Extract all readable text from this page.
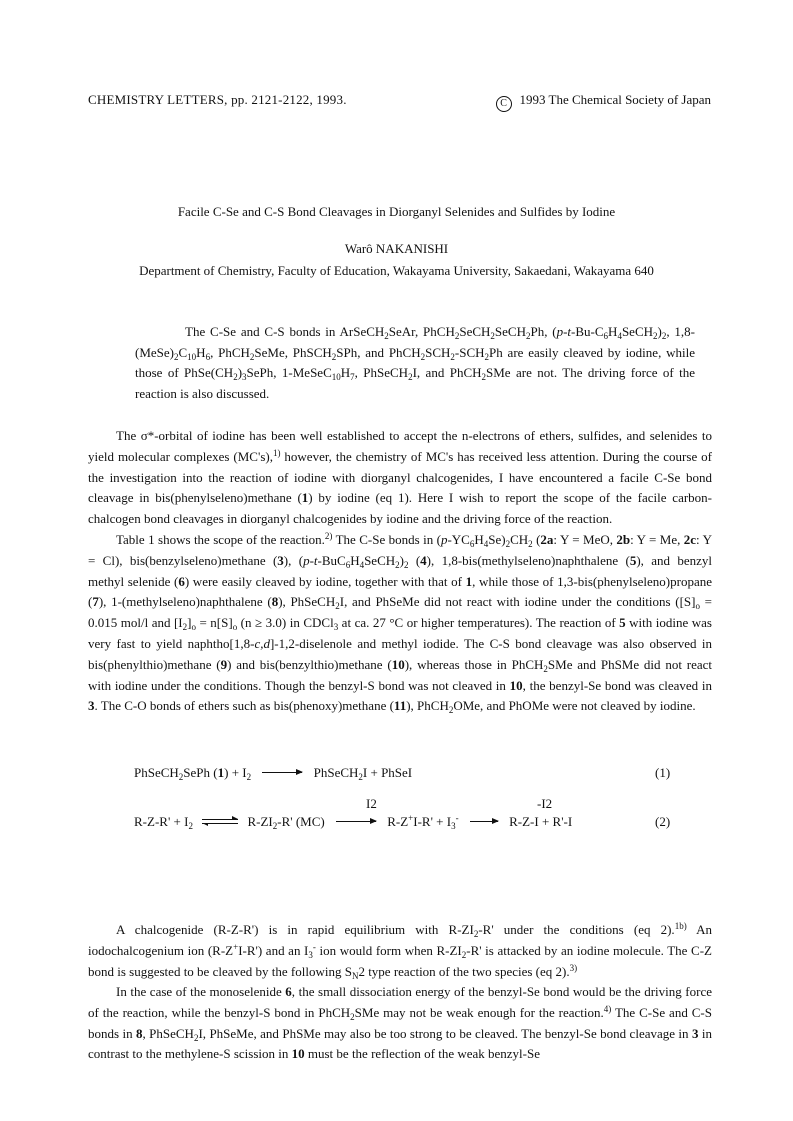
CHEMISTRY LETTERS, pp. 2121-2122, 1993.	C 1993 The Chemical Society of Japan
Facile C-Se and C-S Bond Cleavages in Diorganyl Selenides and Sulfides by Iodine
Warô NAKANISHI
Department of Chemistry, Faculty of Education, Wakayama University, Sakaedani, Wakayama 640
The C-Se and C-S bonds in ArSeCH$_2$SeAr, PhCH$_2$SeCH$_2$SeCH$_2$Ph, $(p-t-Bu-C_6H_4SeCH_2)_2$, $1,8-(MeSe)_2C_{10}H_6$, PhCH$_2$SeMe, PhSCH$_2$SPh, and $PhCH_2SCH_2-SCH_2Ph$ are easily cleaved by iodine, while those of $PhSe(CH_2)_3SePh$, $1-MeSeC_{10}H_7$, PhSeCH$_2$I, and PhCH$_2$SMe are not. The driving force of the reaction is also discussed.

The σ*-orbital of iodine has been well established to accept the n-electrons of ethers, sulfides, and selenides to yield molecular complexes (MC's),$^{1)}$ however, the chemistry of MC's has received less attention. During the course of the investigation into the reaction of iodine with diorganyl chalcogenides, I have encountered a facile C-Se bond cleavage in bis(phenylseleno)methane (1) by iodine (eq 1). Here I wish to report the scope of the facile carbon-chalcogen bond cleavages in diorganyl chalcogenides by iodine and the driving force of the reaction.

Table 1 shows the scope of the reaction.$^{2)}$ The C-Se bonds in $(p-YC_6H_4Se)_2CH_2$ (2a: Y = MeO, 2b: Y = Me, 2c: Y = Cl), bis(benzylseleno)methane (3), $(p-t-BuC_6H_4SeCH_2)_2$ (4), 1,8-bis(methylseleno)naphthalene (5), and benzyl methyl selenide (6) were easily cleaved by iodine, together with that of 1, while those of 1,3-bis(phenylseleno)propane (7), 1-(methylseleno)naphthalene (8), PhSeCH$_2$I, and PhSeMe did not react with iodine under the conditions ($[S]_o = 0.015$ mol/l and $[I_2]_o = n[S]_o$ (n ≥ 3.0) in CDCl$_3$ at ca. 27 °C or higher temperatures). The reaction of 5 with iodine was very fast to yield naphtho[1,8-c,d]-1,2-diselenole and methyl iodide. The C-S bond cleavage was also observed in bis(phenylthio)methane (9) and bis(benzylthio)methane (10), whereas those in PhCH$_2$SMe and PhSMe did not react with iodine under the conditions. Though the benzyl-S bond was not cleaved in 10, the benzyl-Se bond was cleaved in 3. The C-O bonds of ethers such as bis(phenoxy)methane (11), PhCH$_2$OMe, and PhOMe were not cleaved by iodine.

PhSeCH$_2$SePh $(1) + I_2$ → PhSeCH$_2$I + PhSeI	(1)
I2	-I2
$R-Z-R' + I_2$ ⇌ $R-ZI_2-R'$ $(MC) \to R-Z^+I-R' + I_3^- \to R-Z-I + R'-I$	(2)

A chalcogenide (R-Z-R') is in rapid equilibrium with $R-ZI_2-R'$ under the conditions (eq 2).$^{1b)}$ An iodochalcogenium ion (R-Z+I-R') and an $I_3^-$ ion would form when $R-ZI_2-R'$ is attacked by an iodine molecule. The C-Z bond is suggested to be cleaved by the following $S_N2$ type reaction of the two species (eq 2).$^{3)}$

In the case of the monoselenide 6, the small dissociation energy of the benzyl-Se bond would be the driving force of the reaction, while the benzyl-S bond in PhCH$_2$SMe may not be weak enough for the reaction.$^{4)}$ The C-Se and C-S bonds in 8, PhSeCH$_2$I, PhSeMe, and PhSMe may also be too strong to be cleaved. The benzyl-Se bond cleavage in 3 in contrast to the methylene-S scission in 10 must be the reflection of the weak benzyl-Se
